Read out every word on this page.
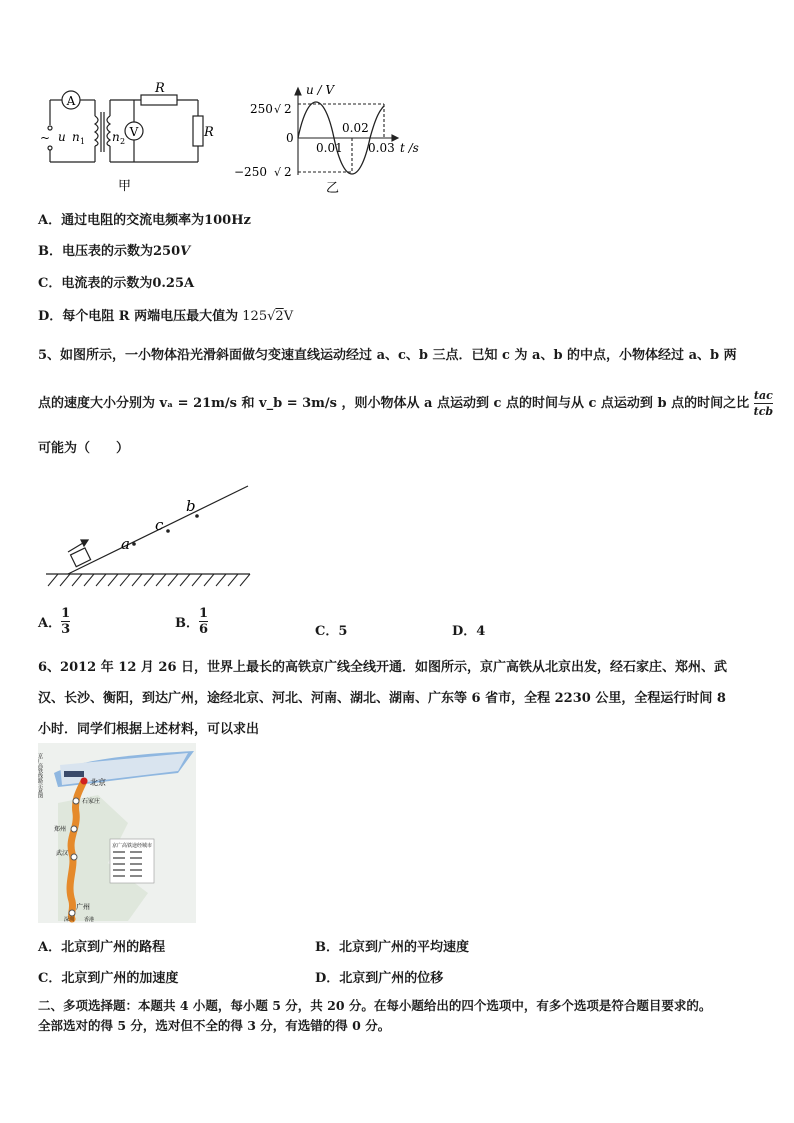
A
V
~ u n 1 n 2
R
R
甲
u / V
250 √ 2
0
−250 √ 2
0.01
0.02
0.03 t /s
乙
A．通过电阻的交流电频率为100Hz
B．电压表的示数为250V
C．电流表的示数为0.25A
D．每个电阻 R 两端电压最大值为 125√2V
5、如图所示，一小物体沿光滑斜面做匀变速直线运动经过 a、c、b 三点．已知 c 为 a、b 的中点，小物体经过 a、b 两
点的速度大小分别为 vₐ = 21m/s 和 v_b = 3m/s ，则小物体从 a 点运动到 c 点的时间与从 c 点运动到 b 点的时间之比 $\frac{\text{tac}}{\text{tcb}}$
可能为（　　）
a
c
b
A． $\frac{1}{3}$	B． $\frac{1}{6}$	C．5	D．4
6、2012 年 12 月 26 日，世界上最长的高铁京广线全线开通．如图所示，京广高铁从北京出发，经石家庄、郑州、武
汉、长沙、衡阳，到达广州，途经北京、河北、河南、湖北、湖南、广东等 6 省市，全程 2230 公里，全程运行时间 8
小时．同学们根据上述材料，可以求出
北京
石家庄
郑州
武汉
广州
深圳 香港
京广高铁途经城市
京广高铁线路示意图
A．北京到广州的路程	B．北京到广州的平均速度
C．北京到广州的加速度	D．北京到广州的位移
二、多项选择题：本题共 4 小题，每小题 5 分，共 20 分。在每小题给出的四个选项中，有多个选项是符合题目要求的。
全部选对的得 5 分，选对但不全的得 3 分，有选错的得 0 分。
